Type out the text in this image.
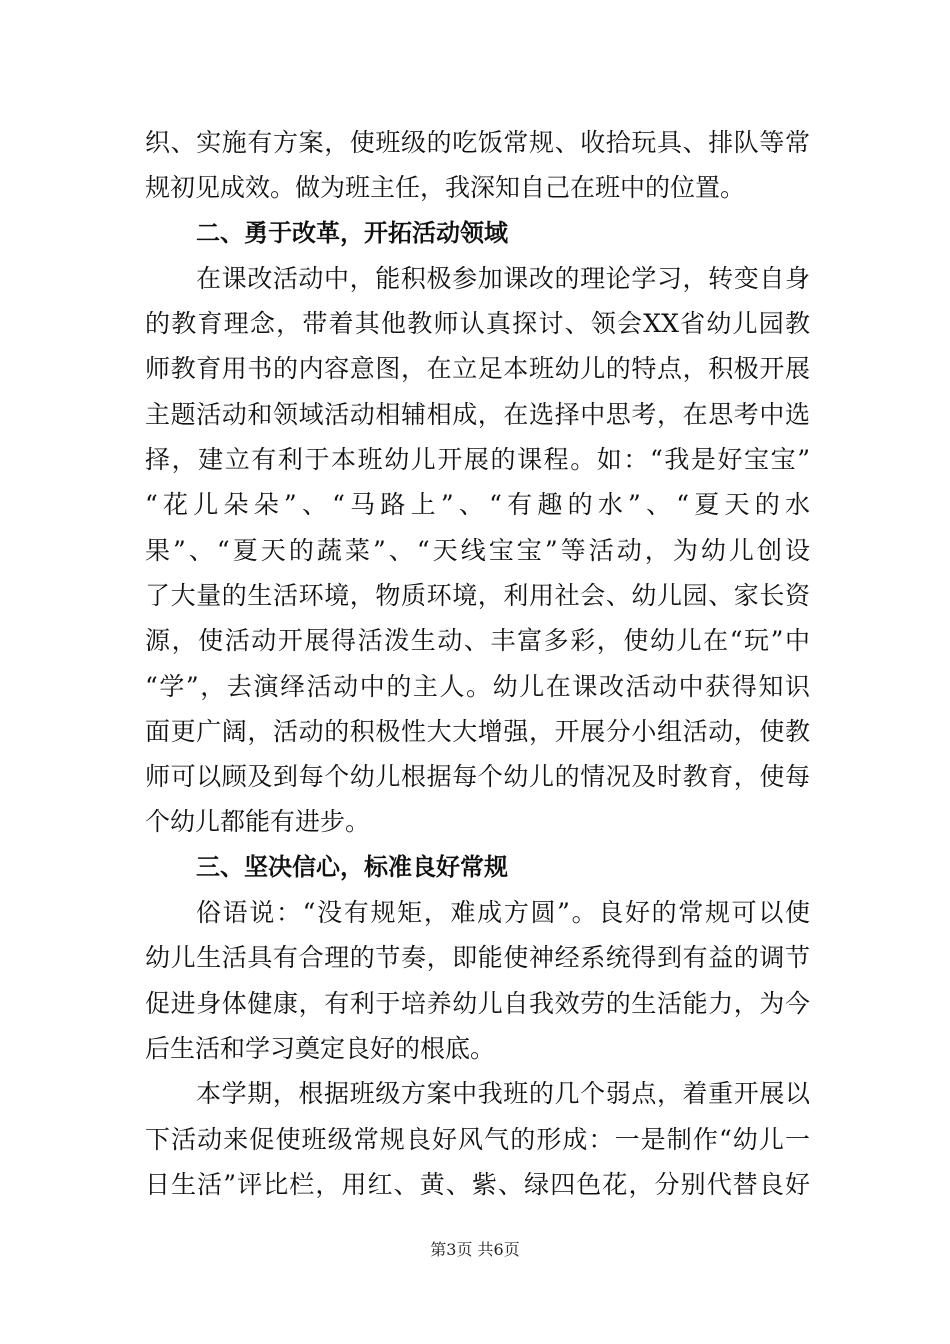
织、实施有方案，使班级的吃饭常规、收拾玩具、排队等常
规初见成效。做为班主任，我深知自己在班中的位置。
二、勇于改革，开拓活动领域
在课改活动中，能积极参加课改的理论学习，转变自身
的教育理念，带着其他教师认真探讨、领会XX省幼儿园教
师教育用书的内容意图，在立足本班幼儿的特点，积极开展
主题活动和领域活动相辅相成，在选择中思考，在思考中选
择，建立有利于本班幼儿开展的课程。如：“我是好宝宝”
“花儿朵朵”、“马路上”、“有趣的水”、“夏天的水
果”、“夏天的蔬菜”、“天线宝宝”等活动，为幼儿创设
了大量的生活环境，物质环境，利用社会、幼儿园、家长资
源，使活动开展得活泼生动、丰富多彩，使幼儿在“玩”中
“学”，去演绎活动中的主人。幼儿在课改活动中获得知识
面更广阔，活动的积极性大大增强，开展分小组活动，使教
师可以顾及到每个幼儿根据每个幼儿的情况及时教育，使每
个幼儿都能有进步。
三、坚决信心，标准良好常规
俗语说：“没有规矩，难成方圆”。良好的常规可以使
幼儿生活具有合理的节奏，即能使神经系统得到有益的调节
促进身体健康，有利于培养幼儿自我效劳的生活能力，为今
后生活和学习奠定良好的根底。
本学期，根据班级方案中我班的几个弱点，着重开展以
下活动来促使班级常规良好风气的形成：一是制作“幼儿一
日生活”评比栏，用红、黄、紫、绿四色花，分别代替良好
第3页 共6页
